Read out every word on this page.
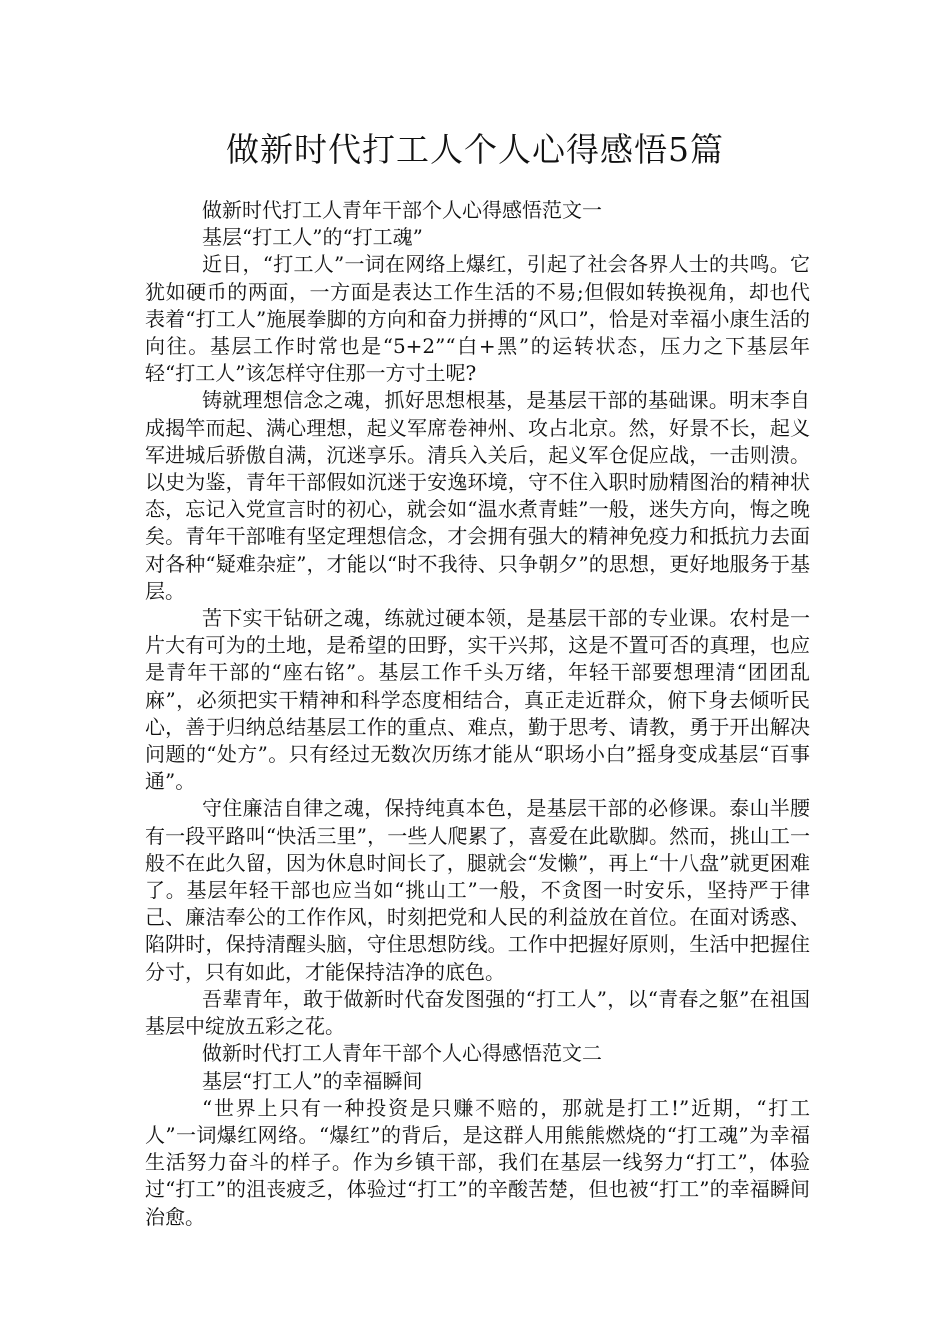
做新时代打工人个人心得感悟5篇

做新时代打工人青年干部个人心得感悟范文一

基层“打工人”的“打工魂”

近日，“打工人”一词在网络上爆红，引起了社会各界人士的共鸣。它犹如硬币的两面，一方面是表达工作生活的不易;但假如转换视角，却也代表着“打工人”施展拳脚的方向和奋力拼搏的“风口”，恰是对幸福小康生活的向往。基层工作时常也是“5+2”“白+黑”的运转状态，压力之下基层年轻“打工人”该怎样守住那一方寸土呢?

铸就理想信念之魂，抓好思想根基，是基层干部的基础课。明末李自成揭竿而起、满心理想，起义军席卷神州、攻占北京。然，好景不长，起义军进城后骄傲自满，沉迷享乐。清兵入关后，起义军仓促应战，一击则溃。以史为鉴，青年干部假如沉迷于安逸环境，守不住入职时励精图治的精神状态，忘记入党宣言时的初心，就会如“温水煮青蛙”一般，迷失方向，悔之晚矣。青年干部唯有坚定理想信念，才会拥有强大的精神免疫力和抵抗力去面对各种“疑难杂症”，才能以“时不我待、只争朝夕”的思想，更好地服务于基层。

苦下实干钻研之魂，练就过硬本领，是基层干部的专业课。农村是一片大有可为的土地，是希望的田野，实干兴邦，这是不置可否的真理，也应是青年干部的“座右铭”。基层工作千头万绪，年轻干部要想理清“团团乱麻”，必须把实干精神和科学态度相结合，真正走近群众，俯下身去倾听民心，善于归纳总结基层工作的重点、难点，勤于思考、请教，勇于开出解决问题的“处方”。只有经过无数次历练才能从“职场小白”摇身变成基层“百事通”。

守住廉洁自律之魂，保持纯真本色，是基层干部的必修课。泰山半腰有一段平路叫“快活三里”，一些人爬累了，喜爱在此歇脚。然而，挑山工一般不在此久留，因为休息时间长了，腿就会“发懒”，再上“十八盘”就更困难了。基层年轻干部也应当如“挑山工”一般，不贪图一时安乐，坚持严于律己、廉洁奉公的工作作风，时刻把党和人民的利益放在首位。在面对诱惑、陷阱时，保持清醒头脑，守住思想防线。工作中把握好原则，生活中把握住分寸，只有如此，才能保持洁净的底色。

吾辈青年，敢于做新时代奋发图强的“打工人”，以“青春之躯”在祖国基层中绽放五彩之花。

做新时代打工人青年干部个人心得感悟范文二

基层“打工人”的幸福瞬间

“世界上只有一种投资是只赚不赔的，那就是打工!”近期，“打工人”一词爆红网络。“爆红”的背后，是这群人用熊熊燃烧的“打工魂”为幸福生活努力奋斗的样子。作为乡镇干部，我们在基层一线努力“打工”，体验过“打工”的沮丧疲乏，体验过“打工”的辛酸苦楚，但也被“打工”的幸福瞬间治愈。
